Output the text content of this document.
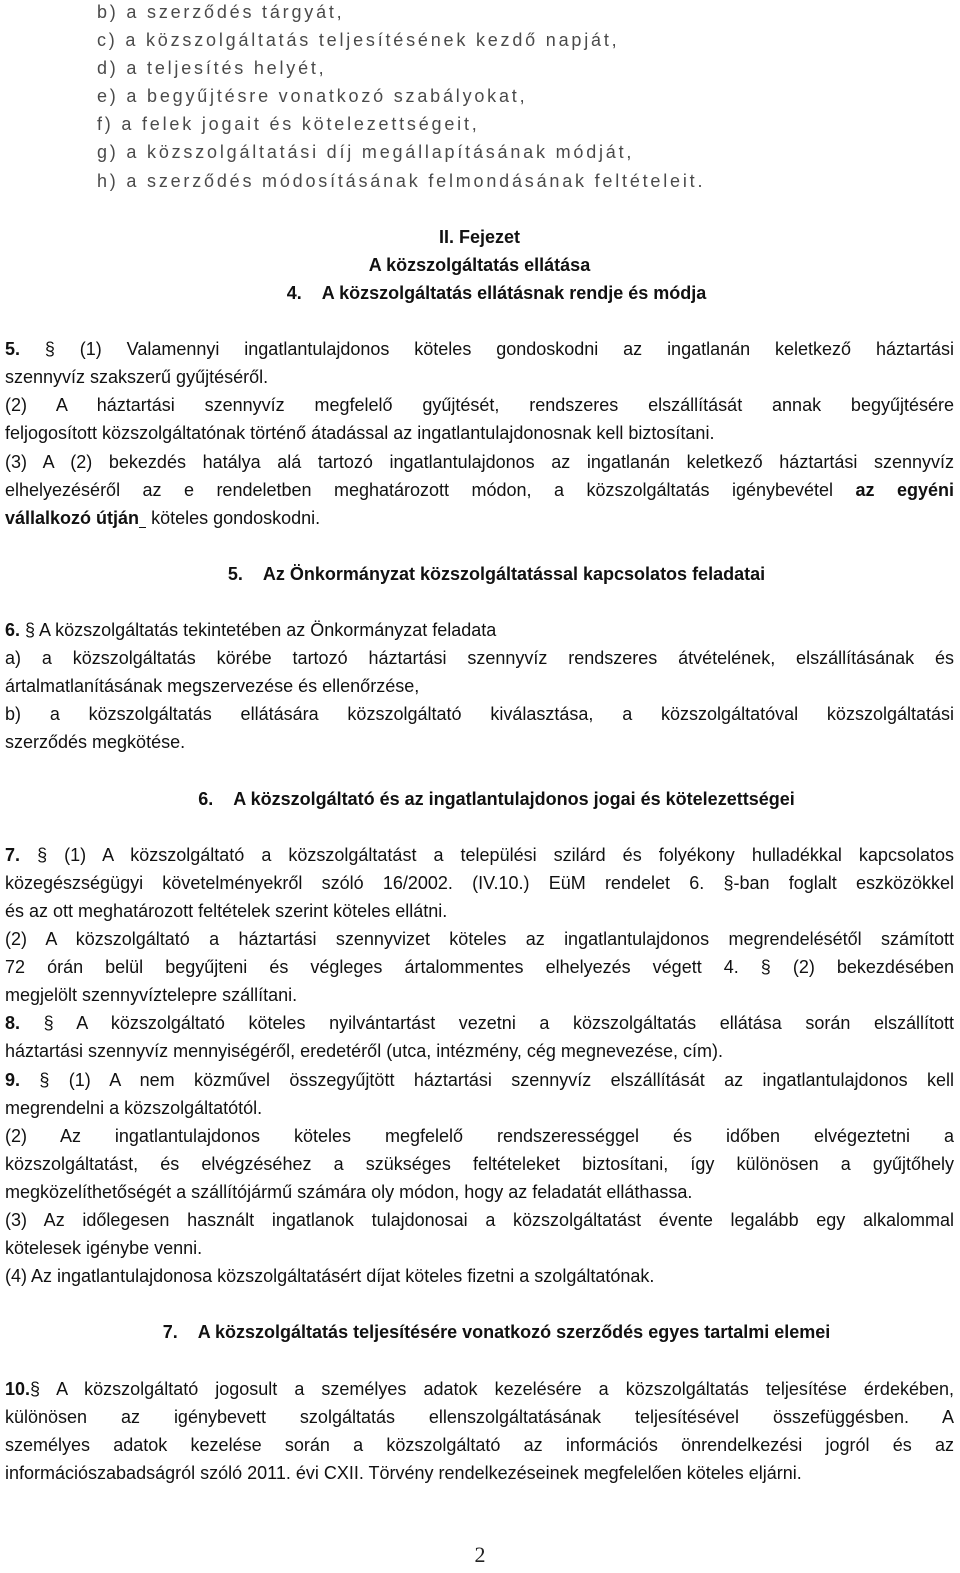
b) a szerződés tárgyát,
c) a közszolgáltatás teljesítésének kezdő napját,
d) a teljesítés helyét,
e) a begyűjtésre vonatkozó szabályokat,
f) a felek jogait és kötelezettségeit,
g) a közszolgáltatási díj megállapításának módját,
h) a szerződés módosításának felmondásának feltételeit.
II. Fejezet
A közszolgáltatás ellátása
4. A közszolgáltatás ellátásnak rendje és módja
5. § (1) Valamennyi ingatlantulajdonos köteles gondoskodni az ingatlanán keletkező háztartási
szennyvíz szakszerű gyűjtéséről.
(2) A háztartási szennyvíz megfelelő gyűjtését, rendszeres elszállítását annak begyűjtésére
feljogosított közszolgáltatónak történő átadással az ingatlantulajdonosnak kell biztosítani.
(3) A (2) bekezdés hatálya alá tartozó ingatlantulajdonos az ingatlanán keletkező háztartási szennyvíz
elhelyezéséről az e rendeletben meghatározott módon, a közszolgáltatás igénybevétel az egyéni
vállalkozó útján köteles gondoskodni.
5. Az Önkormányzat közszolgáltatással kapcsolatos feladatai
6. § A közszolgáltatás tekintetében az Önkormányzat feladata
a) a közszolgáltatás körébe tartozó háztartási szennyvíz rendszeres átvételének, elszállításának és
ártalmatlanításának megszervezése és ellenőrzése,
b) a közszolgáltatás ellátására közszolgáltató kiválasztása, a közszolgáltatóval közszolgáltatási
szerződés megkötése.
6. A közszolgáltató és az ingatlantulajdonos jogai és kötelezettségei
7. § (1) A közszolgáltató a közszolgáltatást a települési szilárd és folyékony hulladékkal kapcsolatos
közegészségügyi követelményekről szóló 16/2002. (IV.10.) EüM rendelet 6. §-ban foglalt eszközökkel
és az ott meghatározott feltételek szerint köteles ellátni.
(2) A közszolgáltató a háztartási szennyvizet köteles az ingatlantulajdonos megrendelésétől számított
72 órán belül begyűjteni és végleges ártalommentes elhelyezés végett 4. § (2) bekezdésében
megjelölt szennyvíztelepre szállítani.
8. § A közszolgáltató köteles nyilvántartást vezetni a közszolgáltatás ellátása során elszállított
háztartási szennyvíz mennyiségéről, eredetéről (utca, intézmény, cég megnevezése, cím).
9. § (1) A nem közművel összegyűjtött háztartási szennyvíz elszállítását az ingatlantulajdonos kell
megrendelni a közszolgáltatótól.
(2) Az ingatlantulajdonos köteles megfelelő rendszerességgel és időben elvégeztetni a
közszolgáltatást, és elvégzéséhez a szükséges feltételeket biztosítani, így különösen a gyűjtőhely
megközelíthetőségét a szállítójármű számára oly módon, hogy az feladatát elláthassa.
(3) Az időlegesen használt ingatlanok tulajdonosai a közszolgáltatást évente legalább egy alkalommal
kötelesek igénybe venni.
(4) Az ingatlantulajdonosa közszolgáltatásért díjat köteles fizetni a szolgáltatónak.
7. A közszolgáltatás teljesítésére vonatkozó szerződés egyes tartalmi elemei
10.§ A közszolgáltató jogosult a személyes adatok kezelésére a közszolgáltatás teljesítése érdekében,
különösen az igénybevett szolgáltatás ellenszolgáltatásának teljesítésével összefüggésben. A
személyes adatok kezelése során a közszolgáltató az információs önrendelkezési jogról és az
információszabadságról szóló 2011. évi CXII. Törvény rendelkezéseinek megfelelően köteles eljárni.
2
